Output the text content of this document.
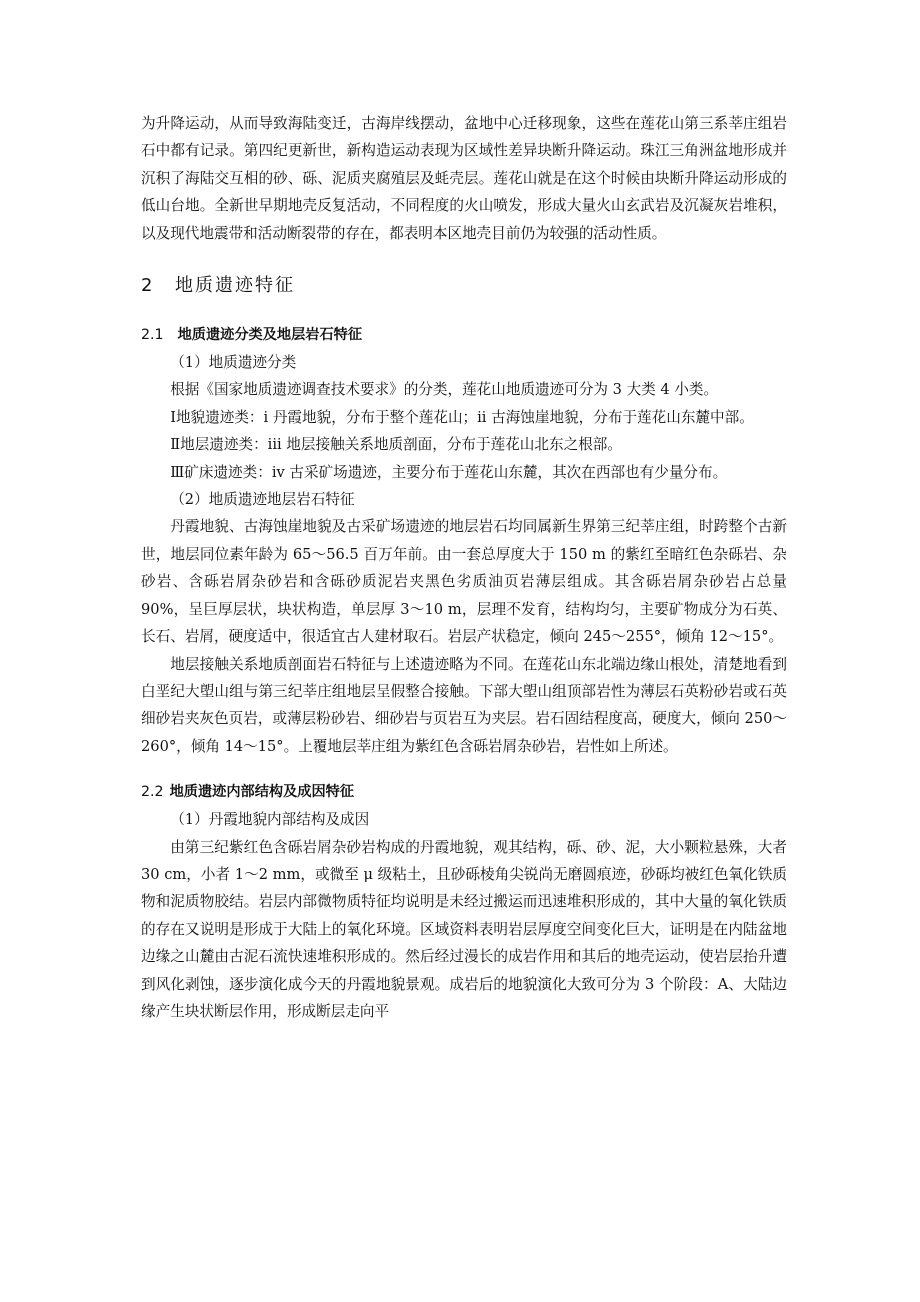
为升降运动，从而导致海陆变迁，古海岸线摆动，盆地中心迁移现象，这些在莲花山第三系莘庄组岩石中都有记录。第四纪更新世，新构造运动表现为区域性差异块断升降运动。珠江三角洲盆地形成并沉积了海陆交互相的砂、砾、泥质夹腐殖层及蚝壳层。莲花山就是在这个时候由块断升降运动形成的低山台地。全新世早期地壳反复活动，不同程度的火山喷发，形成大量火山玄武岩及沉凝灰岩堆积，以及现代地震带和活动断裂带的存在，都表明本区地壳目前仍为较强的活动性质。

2 地质遗迹特征
2.1 地质遗迹分类及地层岩石特征

（1）地质遗迹分类

根据《国家地质遗迹调查技术要求》的分类，莲花山地质遗迹可分为 3 大类 4 小类。

Ⅰ地貌遗迹类：i 丹霞地貌，分布于整个莲花山；ii 古海蚀崖地貌，分布于莲花山东麓中部。

Ⅱ地层遗迹类：iii 地层接触关系地质剖面，分布于莲花山北东之根部。

Ⅲ矿床遗迹类：iv 古采矿场遗迹，主要分布于莲花山东麓，其次在西部也有少量分布。

（2）地质遗迹地层岩石特征

丹霞地貌、古海蚀崖地貌及古采矿场遗迹的地层岩石均同属新生界第三纪莘庄组，时跨整个古新世，地层同位素年龄为 65～56.5 百万年前。由一套总厚度大于 150 m 的紫红至暗红色杂砾岩、杂砂岩、含砾岩屑杂砂岩和含砾砂质泥岩夹黑色劣质油页岩薄层组成。其含砾岩屑杂砂岩占总量 90%，呈巨厚层状，块状构造，单层厚 3～10 m，层理不发育，结构均匀，主要矿物成分为石英、长石、岩屑，硬度适中，很适宜古人建材取石。岩层产状稳定，倾向 245～255°，倾角 12～15°。

地层接触关系地质剖面岩石特征与上述遗迹略为不同。在莲花山东北端边缘山根处，清楚地看到白垩纪大塱山组与第三纪莘庄组地层呈假整合接触。下部大塱山组顶部岩性为薄层石英粉砂岩或石英细砂岩夹灰色页岩，或薄层粉砂岩、细砂岩与页岩互为夹层。岩石固结程度高，硬度大，倾向 250～260°，倾角 14～15°。上覆地层莘庄组为紫红色含砾岩屑杂砂岩，岩性如上所述。

2.2 地质遗迹内部结构及成因特征

（1）丹霞地貌内部结构及成因

由第三纪紫红色含砾岩屑杂砂岩构成的丹霞地貌，观其结构，砾、砂、泥，大小颗粒悬殊，大者 30 cm，小者 1～2 mm，或微至 μ 级粘土，且砂砾棱角尖锐尚无磨圆痕迹，砂砾均被红色氧化铁质物和泥质物胶结。岩层内部微物质特征均说明是未经过搬运而迅速堆积形成的，其中大量的氧化铁质的存在又说明是形成于大陆上的氧化环境。区域资料表明岩层厚度空间变化巨大，证明是在内陆盆地边缘之山麓由古泥石流快速堆积形成的。然后经过漫长的成岩作用和其后的地壳运动，使岩层抬升遭到风化剥蚀，逐步演化成今天的丹霞地貌景观。成岩后的地貌演化大致可分为 3 个阶段：A、大陆边缘产生块状断层作用，形成断层走向平
